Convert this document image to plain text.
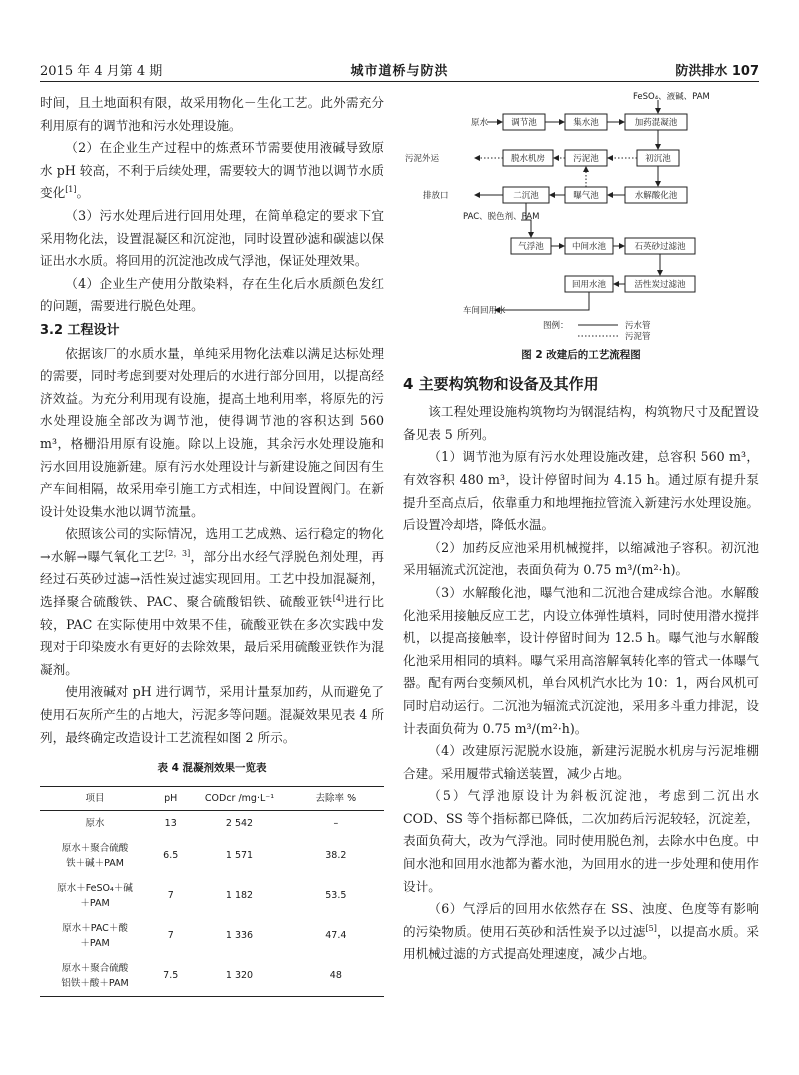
2015 年 4 月第 4 期	城市道桥与防洪	防洪排水 107

时间，且土地面积有限，故采用物化－生化工艺。此外需充分利用原有的调节池和污水处理设施。

（2）在企业生产过程中的炼煮环节需要使用液碱导致原水 pH 较高，不利于后续处理，需要较大的调节池以调节水质变化[1]。

（3）污水处理后进行回用处理，在简单稳定的要求下宜采用物化法，设置混凝区和沉淀池，同时设置砂滤和碳滤以保证出水水质。将回用的沉淀池改成气浮池，保证处理效果。

（4）企业生产使用分散染料，存在生化后水质颜色发红的问题，需要进行脱色处理。

3.2 工程设计

依据该厂的水质水量，单纯采用物化法难以满足达标处理的需要，同时考虑到要对处理后的水进行部分回用，以提高经济效益。为充分利用现有设施，提高土地利用率，将原先的污水处理设施全部改为调节池，使得调节池的容积达到 560 m³，格栅沿用原有设施。除以上设施，其余污水处理设施和污水回用设施新建。原有污水处理设计与新建设施之间因有生产车间相隔，故采用牵引施工方式相连，中间设置阀门。在新设计处设集水池以调节流量。

依照该公司的实际情况，选用工艺成熟、运行稳定的物化→水解→曝气氧化工艺[2，3]，部分出水经气浮脱色剂处理，再经过石英砂过滤→活性炭过滤实现回用。工艺中投加混凝剂，选择聚合硫酸铁、PAC、聚合硫酸铝铁、硫酸亚铁[4]进行比较，PAC 在实际使用中效果不佳，硫酸亚铁在多次实践中发现对于印染废水有更好的去除效果，最后采用硫酸亚铁作为混凝剂。

使用液碱对 pH 进行调节，采用计量泵加药，从而避免了使用石灰所产生的占地大，污泥多等问题。混凝效果见表 4 所列，最终确定改造设计工艺流程如图 2 所示。

表 4 混凝剂效果一览表
项目	pH	CODcr /mg·L⁻¹	去除率 %

原水	13	2 542	–

原水＋聚合硫酸
铁＋碱＋PAM	6.5	1 571	38.2

原水＋FeSO₄＋碱
＋PAM	7	1 182	53.5

原水＋PAC＋酸
＋PAM	7	1 336	47.4

原水＋聚合硫酸
铝铁＋酸＋PAM	7.5	1 320	48
FeSO₄、液碱、PAM
原水
污泥外运
排放口
PAC、脱色剂、PAM
车间回用水
调节池	集水池	加药混凝池
脱水机房	污泥池	初沉池
二沉池	曝气池	水解酸化池
气浮池	中间水池	石英砂过滤池
回用水池	活性炭过滤池
图例：	污水管
污泥管
图 2 改建后的工艺流程图
4 主要构筑物和设备及其作用

该工程处理设施构筑物均为钢混结构，构筑物尺寸及配置设备见表 5 所列。

（1）调节池为原有污水处理设施改建，总容积 560 m³，有效容积 480 m³，设计停留时间为 4.15 h。通过原有提升泵提升至高点后，依靠重力和地埋拖拉管流入新建污水处理设施。后设置冷却塔，降低水温。

（2）加药反应池采用机械搅拌，以缩减池子容积。初沉池采用辐流式沉淀池，表面负荷为 0.75 m³/(m²·h)。

（3）水解酸化池，曝气池和二沉池合建成综合池。水解酸化池采用接触反应工艺，内设立体弹性填料，同时使用潜水搅拌机，以提高接触率，设计停留时间为 12.5 h。曝气池与水解酸化池采用相同的填料。曝气采用高溶解氧转化率的管式一体曝气器。配有两台变频风机，单台风机汽水比为 10：1，两台风机可同时启动运行。二沉池为辐流式沉淀池，采用多斗重力排泥，设计表面负荷为 0.75 m³/(m²·h)。

（4）改建原污泥脱水设施，新建污泥脱水机房与污泥堆棚合建。采用履带式输送装置，减少占地。

（5）气浮池原设计为斜板沉淀池，考虑到二沉出水 COD、SS 等个指标都已降低，二次加药后污泥较轻，沉淀差，表面负荷大，改为气浮池。同时使用脱色剂，去除水中色度。中间水池和回用水池都为蓄水池，为回用水的进一步处理和使用作设计。

（6）气浮后的回用水依然存在 SS、浊度、色度等有影响的污染物质。使用石英砂和活性炭予以过滤[5]，以提高水质。采用机械过滤的方式提高处理速度，减少占地。
